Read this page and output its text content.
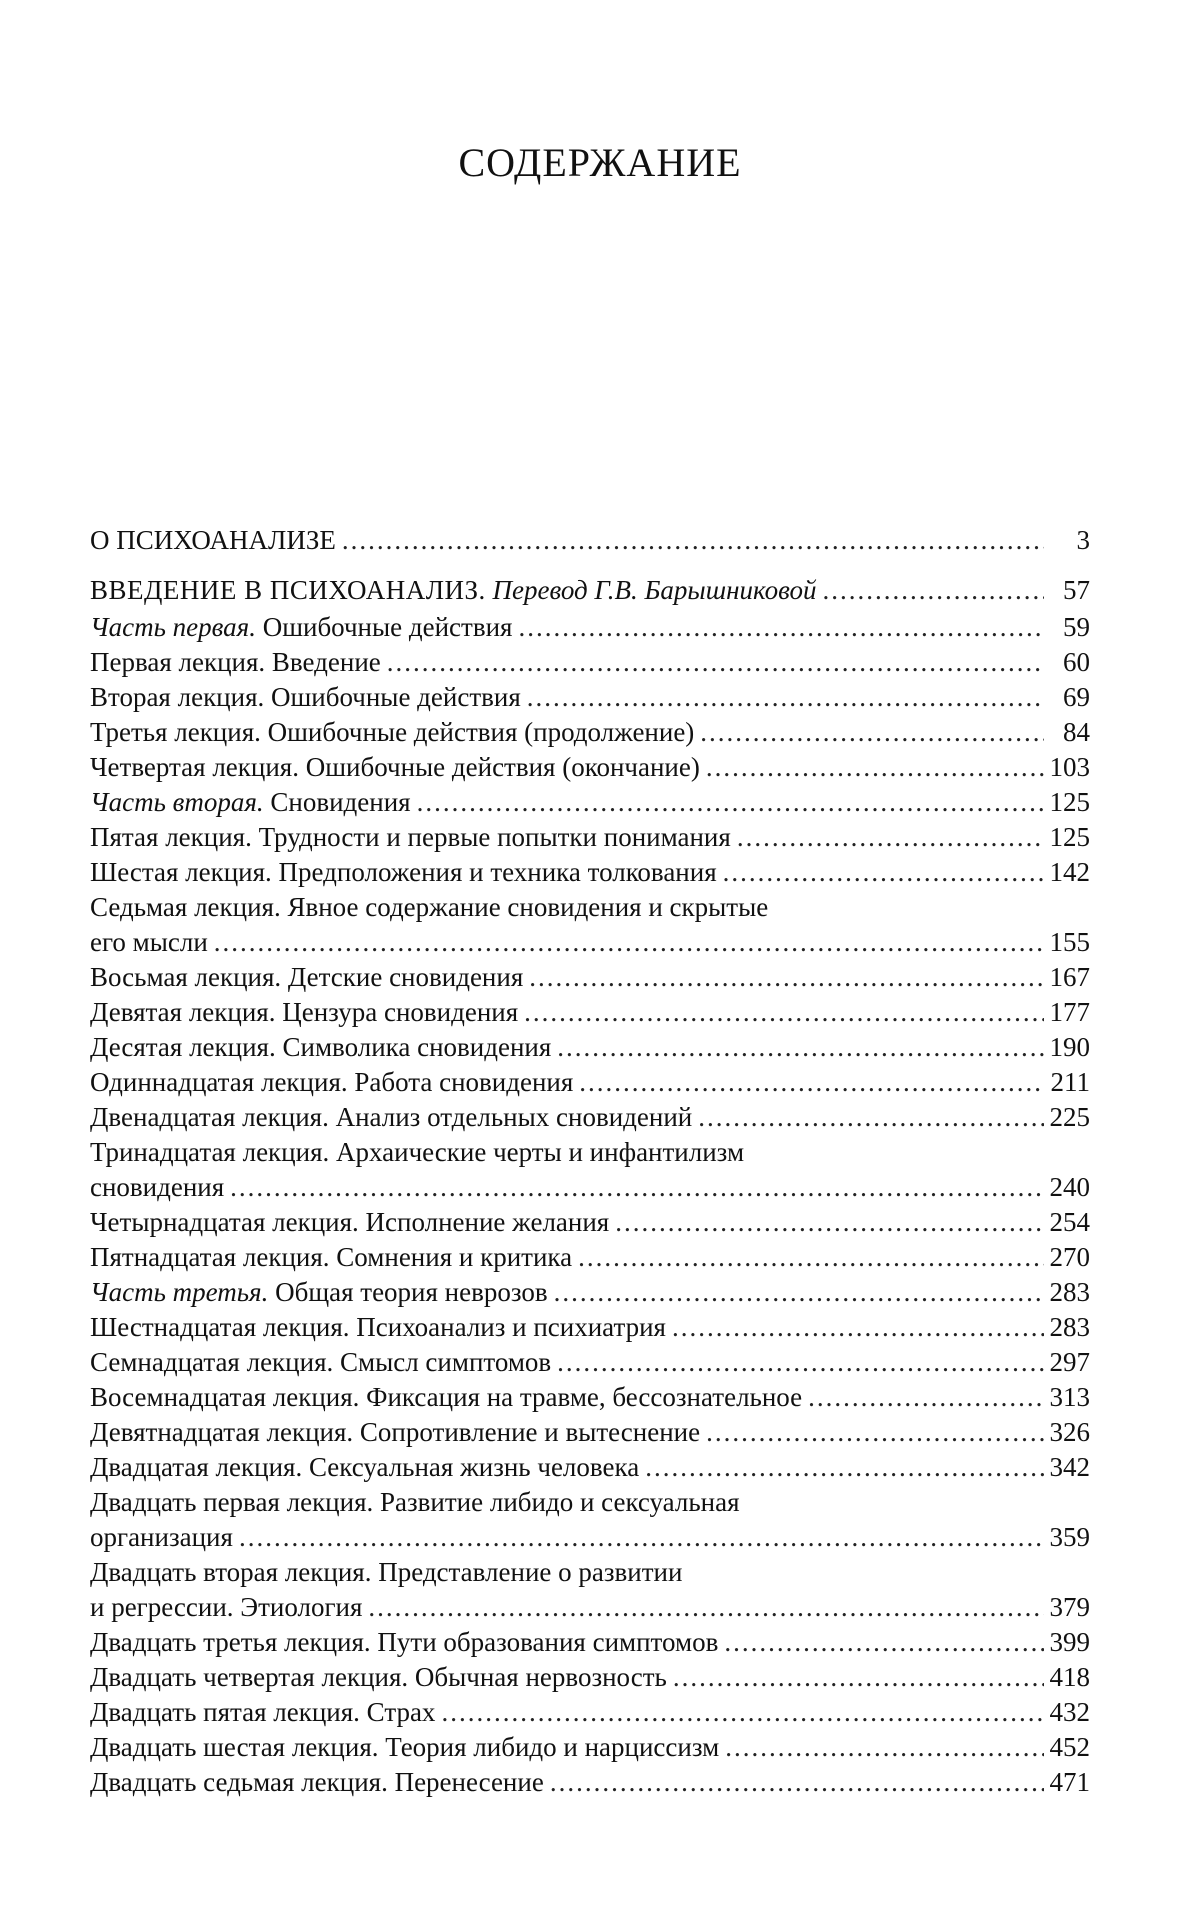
СОДЕРЖАНИЕ
О ПСИХОАНАЛИЗЕ .....	3
ВВЕДЕНИЕ В ПСИХОАНАЛИЗ. Перевод Г.В. Барышниковой .....	57
Часть первая. Ошибочные действия .....	59
Первая лекция. Введение .....	60
Вторая лекция. Ошибочные действия .....	69
Третья лекция. Ошибочные действия (продолжение) .....	84
Четвертая лекция. Ошибочные действия (окончание) .....	103
Часть вторая. Сновидения .....	125
Пятая лекция. Трудности и первые попытки понимания .....	125
Шестая лекция. Предположения и техника толкования .....	142
Седьмая лекция. Явное содержание сновидения и скрытые
его мысли .....	155
Восьмая лекция. Детские сновидения .....	167
Девятая лекция. Цензура сновидения .....	177
Десятая лекция. Символика сновидения .....	190
Одиннадцатая лекция. Работа сновидения .....	211
Двенадцатая лекция. Анализ отдельных сновидений .....	225
Тринадцатая лекция. Архаические черты и инфантилизм
сновидения .....	240
Четырнадцатая лекция. Исполнение желания .....	254
Пятнадцатая лекция. Сомнения и критика .....	270
Часть третья. Общая теория неврозов .....	283
Шестнадцатая лекция. Психоанализ и психиатрия .....	283
Семнадцатая лекция. Смысл симптомов .....	297
Восемнадцатая лекция. Фиксация на травме, бессознательное .....	313
Девятнадцатая лекция. Сопротивление и вытеснение .....	326
Двадцатая лекция. Сексуальная жизнь человека .....	342
Двадцать первая лекция. Развитие либидо и сексуальная
организация .....	359
Двадцать вторая лекция. Представление о развитии
и регрессии. Этиология .....	379
Двадцать третья лекция. Пути образования симптомов .....	399
Двадцать четвертая лекция. Обычная нервозность .....	418
Двадцать пятая лекция. Страх .....	432
Двадцать шестая лекция. Теория либидо и нарциссизм .....	452
Двадцать седьмая лекция. Перенесение .....	471
